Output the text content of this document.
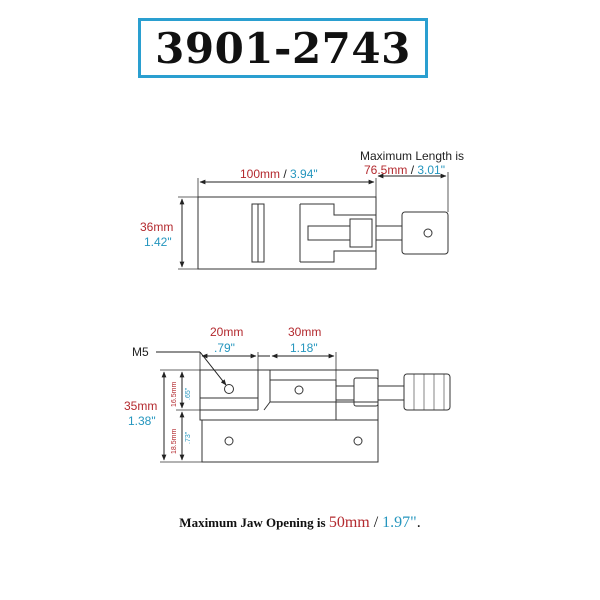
3901-2743
Maximum Length is
76.5mm / 3.01"
100mm / 3.94"
36mm
1.42"
M5
20mm
.79"
30mm
1.18"
35mm
1.38"
16.5mm .65"
18.5mm .73"
Maximum Jaw Opening is 50mm / 1.97".
